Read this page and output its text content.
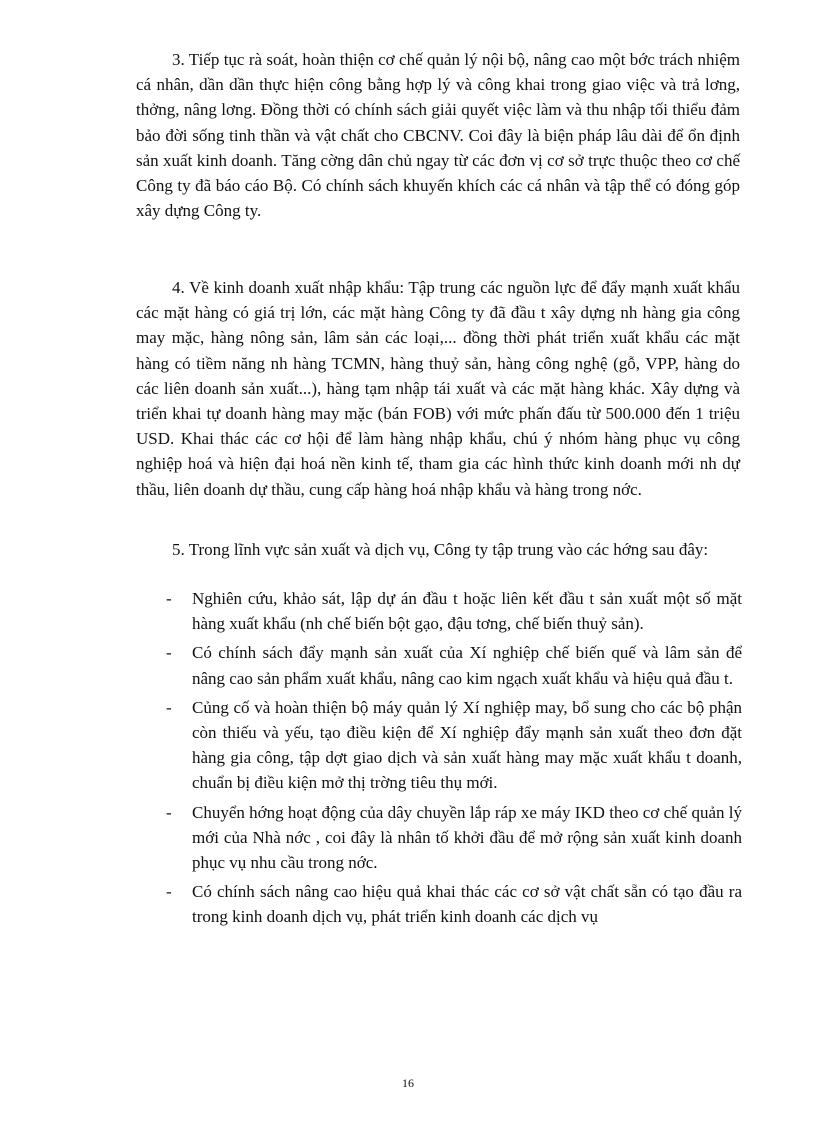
3. Tiếp tục rà soát, hoàn thiện cơ chế quản lý nội bộ, nâng cao một bớc trách nhiệm cá nhân, dần dần thực hiện công bằng hợp lý và công khai trong giao việc và trả lơng, thởng, nâng lơng. Đồng thời có chính sách giải quyết việc làm và thu nhập tối thiểu đảm bảo đời sống tinh thần và vật chất cho CBCNV. Coi đây là biện pháp lâu dài để ổn định sản xuất kinh doanh. Tăng cờng dân chủ ngay từ các đơn vị cơ sở trực thuộc theo cơ chế Công ty đã báo cáo Bộ. Có chính sách khuyến khích các cá nhân và tập thể có đóng góp xây dựng Công ty.

4. Về kinh doanh xuất nhập khẩu: Tập trung các nguồn lực để đẩy mạnh xuất khẩu các mặt hàng có giá trị lớn, các mặt hàng Công ty đã đầu t xây dựng nh hàng gia công may mặc, hàng nông sản, lâm sản các loại,... đồng thời phát triển xuất khẩu các mặt hàng có tiềm năng nh hàng TCMN, hàng thuỷ sản, hàng công nghệ (gỗ, VPP, hàng do các liên doanh sản xuất...), hàng tạm nhập tái xuất và các mặt hàng khác. Xây dựng và triển khai tự doanh hàng may mặc (bán FOB) với mức phấn đấu từ 500.000 đến 1 triệu USD. Khai thác các cơ hội để làm hàng nhập khẩu, chú ý nhóm hàng phục vụ công nghiệp hoá và hiện đại hoá nền kinh tế, tham gia các hình thức kinh doanh mới nh dự thầu, liên doanh dự thầu, cung cấp hàng hoá nhập khẩu và hàng trong nớc.

5. Trong lĩnh vực sản xuất và dịch vụ, Công ty tập trung vào các hớng sau đây:

-	Nghiên cứu, khảo sát, lập dự án đầu t hoặc liên kết đầu t sản xuất một số mặt hàng xuất khẩu (nh chế biến bột gạo, đậu tơng, chế biến thuỷ sản).
-	Có chính sách đẩy mạnh sản xuất của Xí nghiệp chế biến quế và lâm sản để nâng cao sản phẩm xuất khẩu, nâng cao kim ngạch xuất khẩu và hiệu quả đầu t.
-	Củng cố và hoàn thiện bộ máy quản lý Xí nghiệp may, bổ sung cho các bộ phận còn thiếu và yếu, tạo điều kiện để Xí nghiệp đẩy mạnh sản xuất theo đơn đặt hàng gia công, tập dợt giao dịch và sản xuất hàng may mặc xuất khẩu t doanh, chuẩn bị điều kiện mở thị trờng tiêu thụ mới.
-	Chuyển hớng hoạt động của dây chuyền lắp ráp xe máy IKD theo cơ chế quản lý mới của Nhà nớc , coi đây là nhân tố khởi đầu để mở rộng sản xuất kinh doanh phục vụ nhu cầu trong nớc.
-	Có chính sách nâng cao hiệu quả khai thác các cơ sở vật chất sẵn có tạo đầu ra trong kinh doanh dịch vụ, phát triển kinh doanh các dịch vụ
16
